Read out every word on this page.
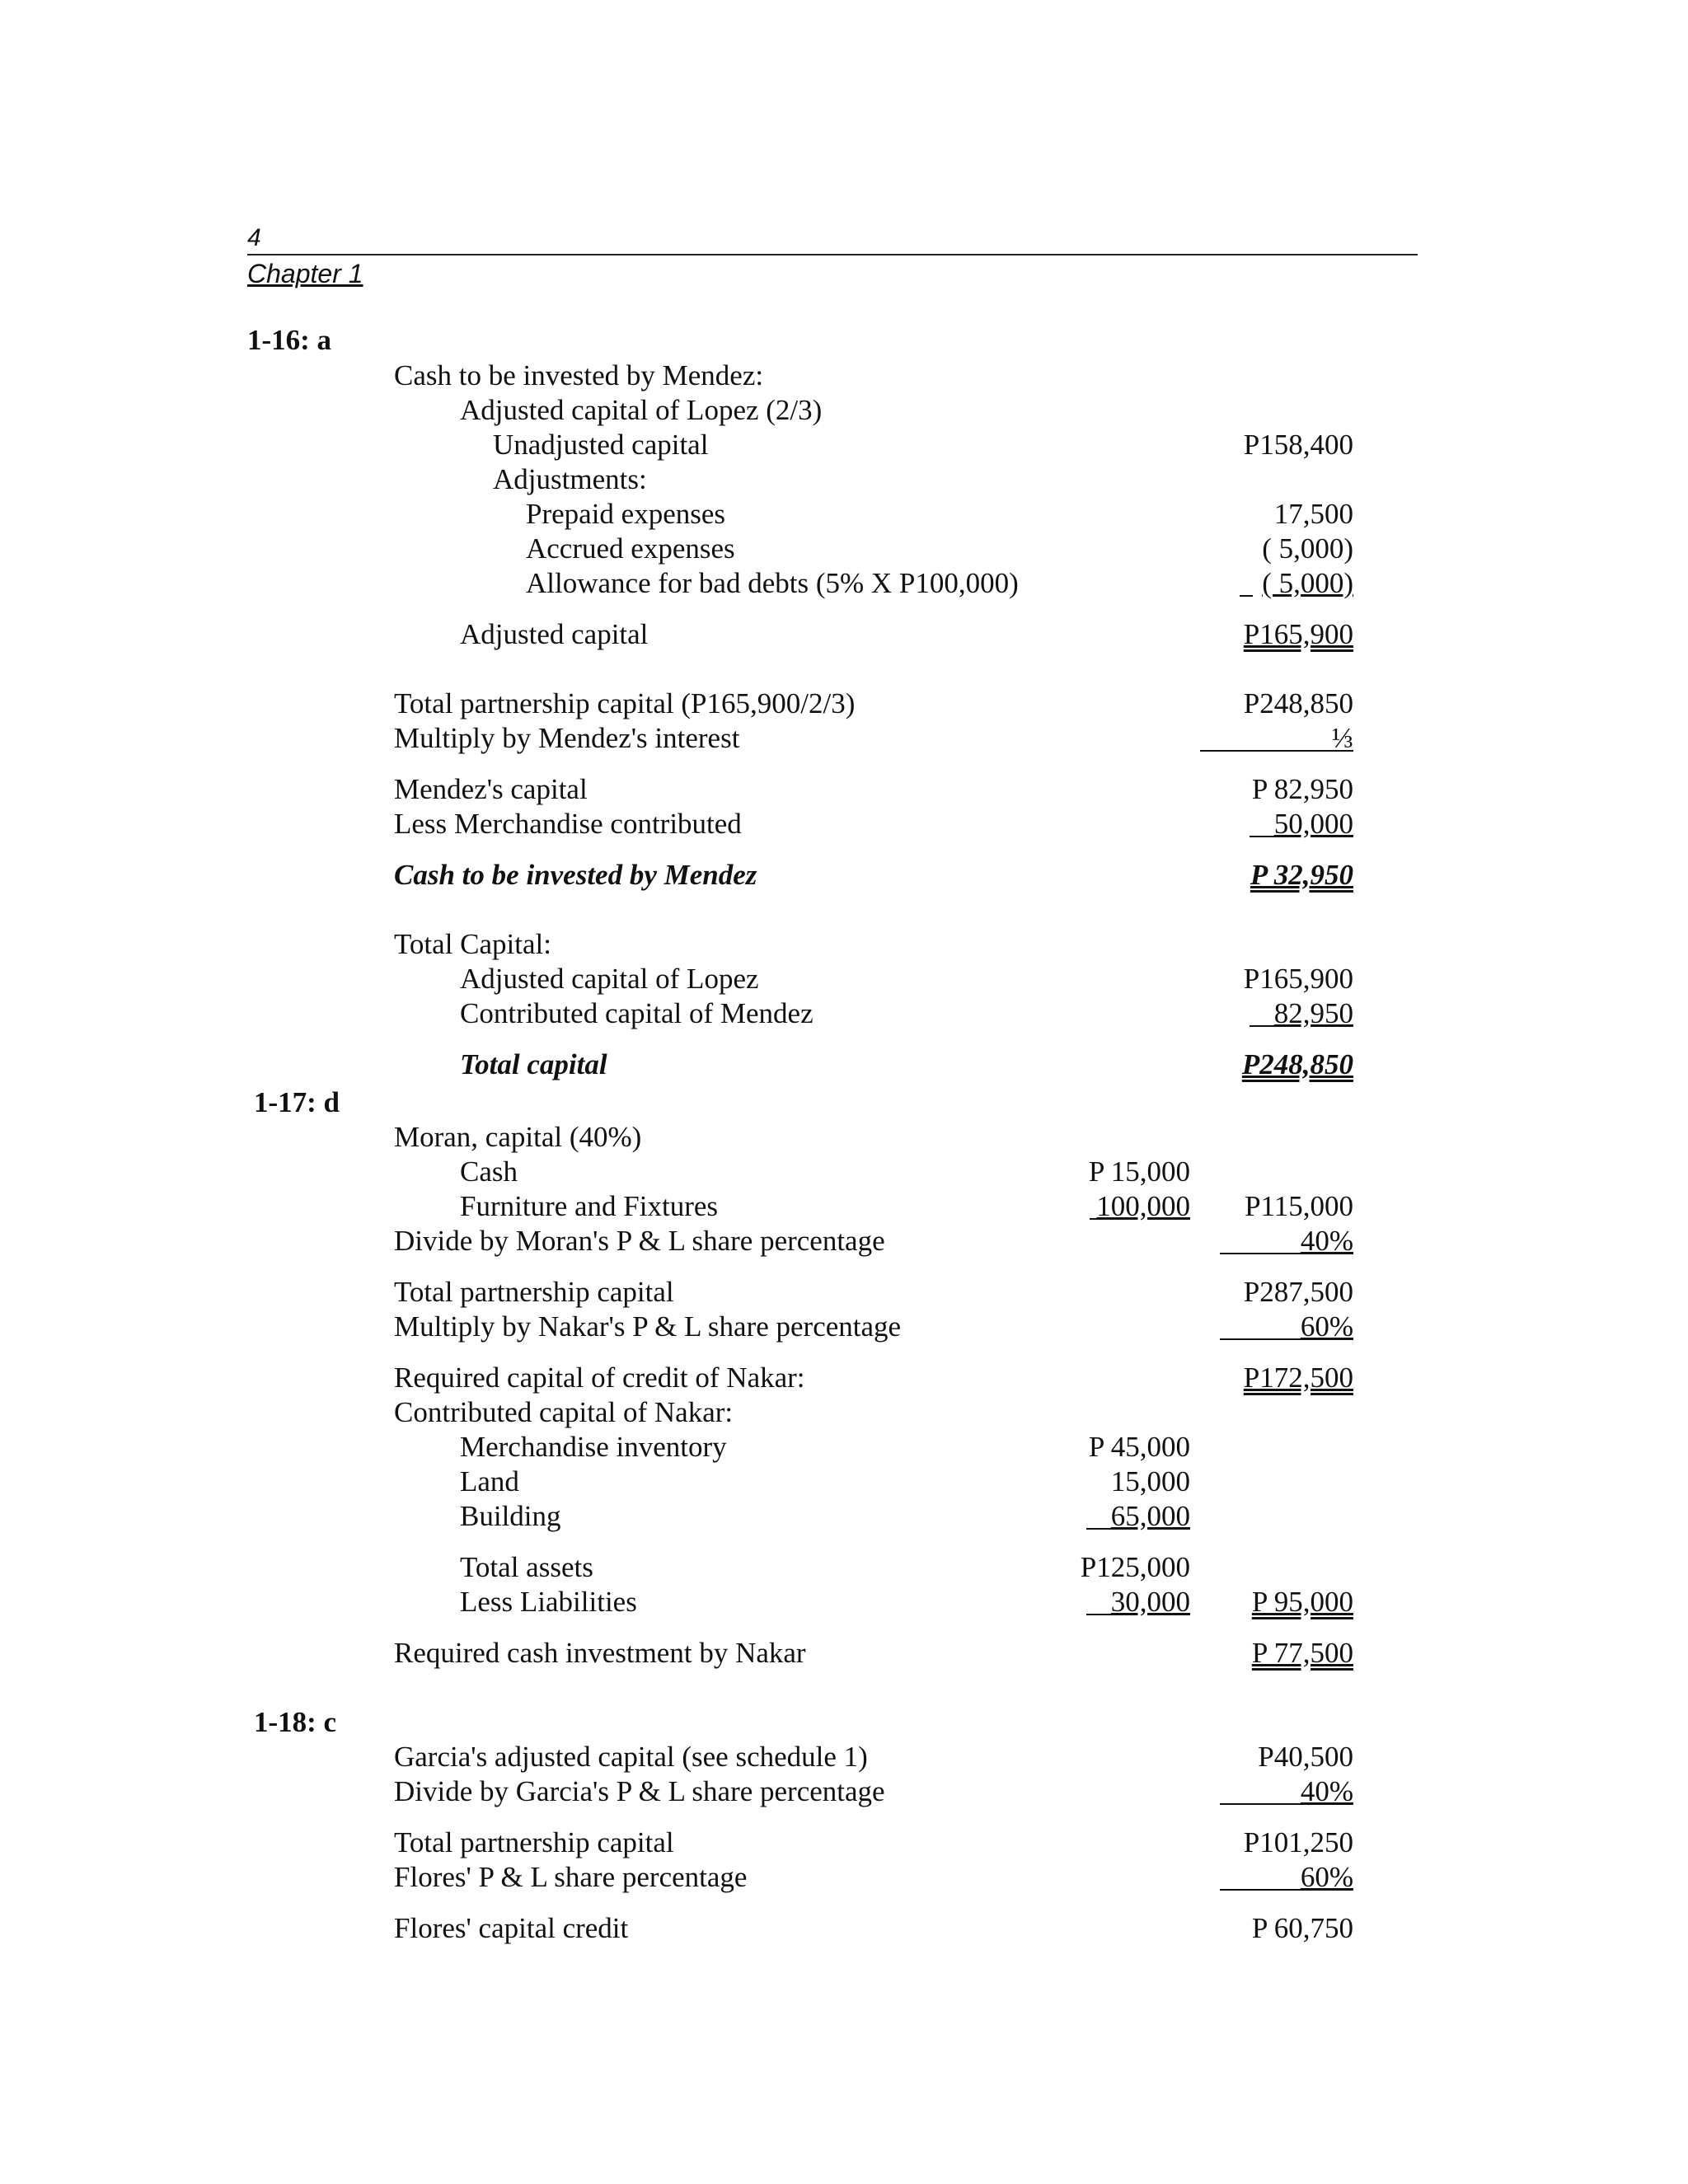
4
Chapter 1
1-16: a
Cash to be invested by Mendez:
Adjusted capital of Lopez (2/3)
Unadjusted capital	P158,400
Adjustments:
Prepaid expenses	17,500
Accrued expenses	( 5,000)
Allowance for bad debts (5% X P100,000)	( 5,000)
Adjusted capital	P165,900
Total partnership capital (P165,900/2/3)	P248,850
Multiply by Mendez's interest	⅓
Mendez's capital	P 82,950
Less Merchandise contributed	50,000
Cash to be invested by Mendez	P 32,950
Total Capital:
Adjusted capital of Lopez	P165,900
Contributed capital of Mendez	82,950
Total capital	P248,850
1-17: d
Moran, capital (40%)
Cash	P 15,000
Furniture and Fixtures	100,000 P115,000
Divide by Moran's P & L share percentage	40%
Total partnership capital	P287,500
Multiply by Nakar's P & L share percentage	60%
Required capital of credit of Nakar:	P172,500
Contributed capital of Nakar:
Merchandise inventory	P 45,000
Land	15,000
Building	65,000
Total assets	P125,000
Less Liabilities	30,000 P 95,000
Required cash investment by Nakar	P 77,500
1-18: c
Garcia's adjusted capital (see schedule 1)	P40,500
Divide by Garcia's P & L share percentage	40%
Total partnership capital	P101,250
Flores' P & L share percentage	60%
Flores' capital credit	P 60,750
